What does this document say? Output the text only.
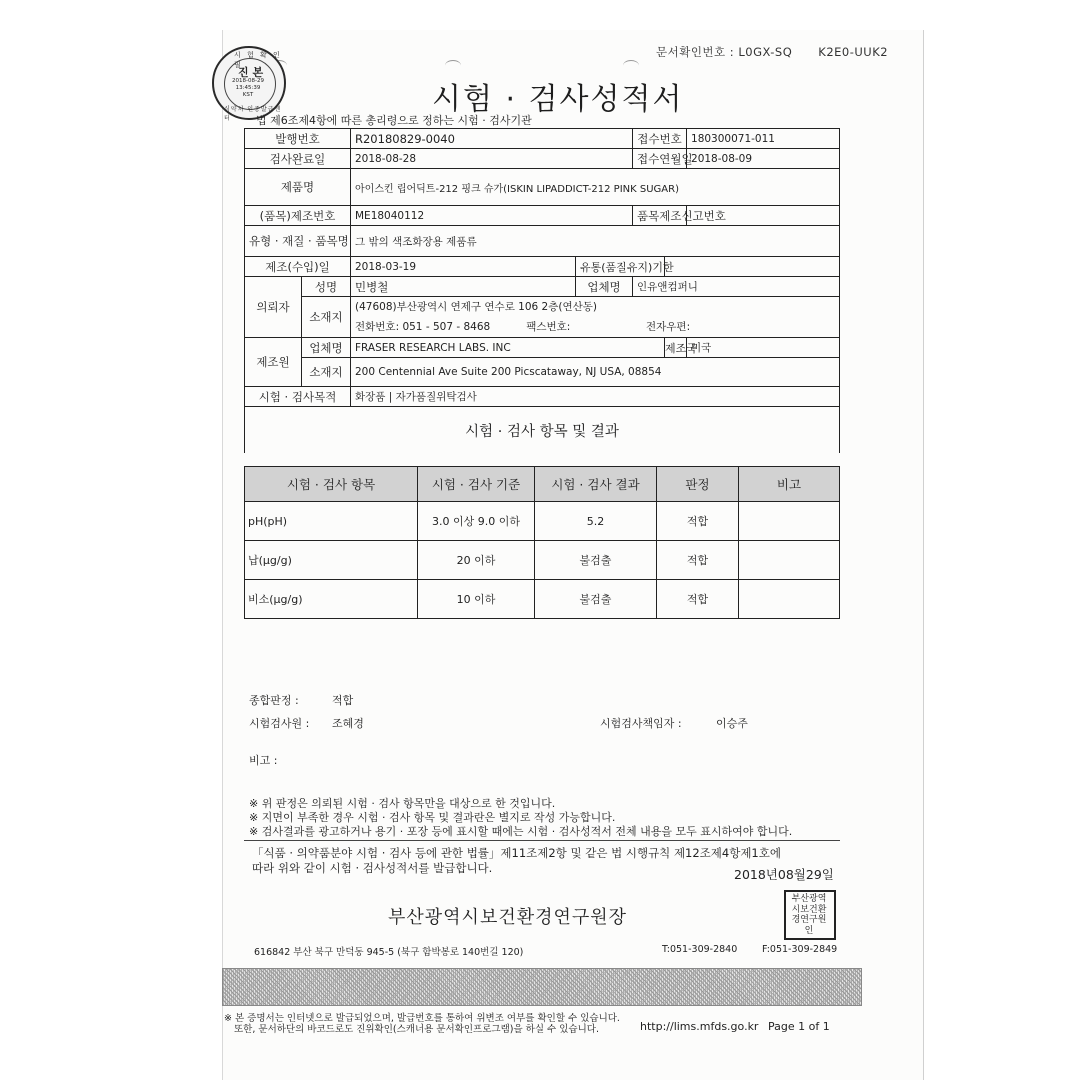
시 험 확 인 필
진 본
2018-08-29
13:45:39
KST
식약처 인증발급센터
문서확인번호 : L0GX-SQ K2E0-UUK2
시험 · 검사성적서
법 제6조제4항에 따른 총리령으로 정하는 시험 · 검사기관
발행번호		R20180829-0040		접수번호		180300071-011
검사완료일		2018-08-28		접수연월일		2018-08-09
제품명		아이스킨 립어딕트-212 핑크 슈가(ISKIN LIPADDICT-212 PINK SUGAR)				
(품목)제조번호		ME18040112		품목제조신고번호		
유형 · 재질 · 품목명		그 밖의 색조화장용 제품류				
제조(수입)일		2018-03-19	유통(품질유지)기한			
의뢰자	성명	민병철	업체명	인유앤컴퍼니		
	소재지	(47608)부산광역시 연제구 연수로 106 2층(연산동)
전화번호: 051 - 507 - 8468 팩스번호: 전자우편:				

제조원	업체명	FRASER RESEARCH LABS. INC			제조국	미국
	소재지	200 Centennial Ave Suite 200 Picscataway, NJ USA, 08854				
시험 · 검사목적		화장품 | 자가품질위탁검사				
시험 · 검사 항목 및 결과						
시험 · 검사 항목	시험 · 검사 기준	시험 · 검사 결과	판정	비고
pH(pH)	3.0 이상 9.0 이하	5.2	적합	
납(µg/g)	20 이하	불검출	적합	
비소(µg/g)	10 이하	불검출	적합	
종합판정 :	적합
시험검사원 : 조혜경	시험검사책임자 :	이승주
비고 :
※ 위 판정은 의뢰된 시험 · 검사 항목만을 대상으로 한 것입니다.
※ 지면이 부족한 경우 시험 · 검사 항목 및 결과란은 별지로 작성 가능합니다.
※ 검사결과를 광고하거나 용기 · 포장 등에 표시할 때에는 시험 · 검사성적서 전체 내용을 모두 표시하여야 합니다.
「식품 · 의약품분야 시험 · 검사 등에 관한 법률」제11조제2항 및 같은 법 시행규칙 제12조제4항제1호에
따라 위와 같이 시험 · 검사성적서를 발급합니다.	2018년08월29일
부산광역시보건환경연구원장
부산광역시보건환경연구원인
616842 부산 북구 만덕동 945-5 (북구 함박봉로 140번길 120)	T:051-309-2840	F:051-309-2849
※ 본 증명서는 인터넷으로 발급되었으며, 발급번호를 통하여 위변조 여부를 확인할 수 있습니다.
또한, 문서하단의 바코드로도 진위확인(스캐너용 문서확인프로그램)을 하실 수 있습니다.	http://lims.mfds.go.kr Page 1 of 1
